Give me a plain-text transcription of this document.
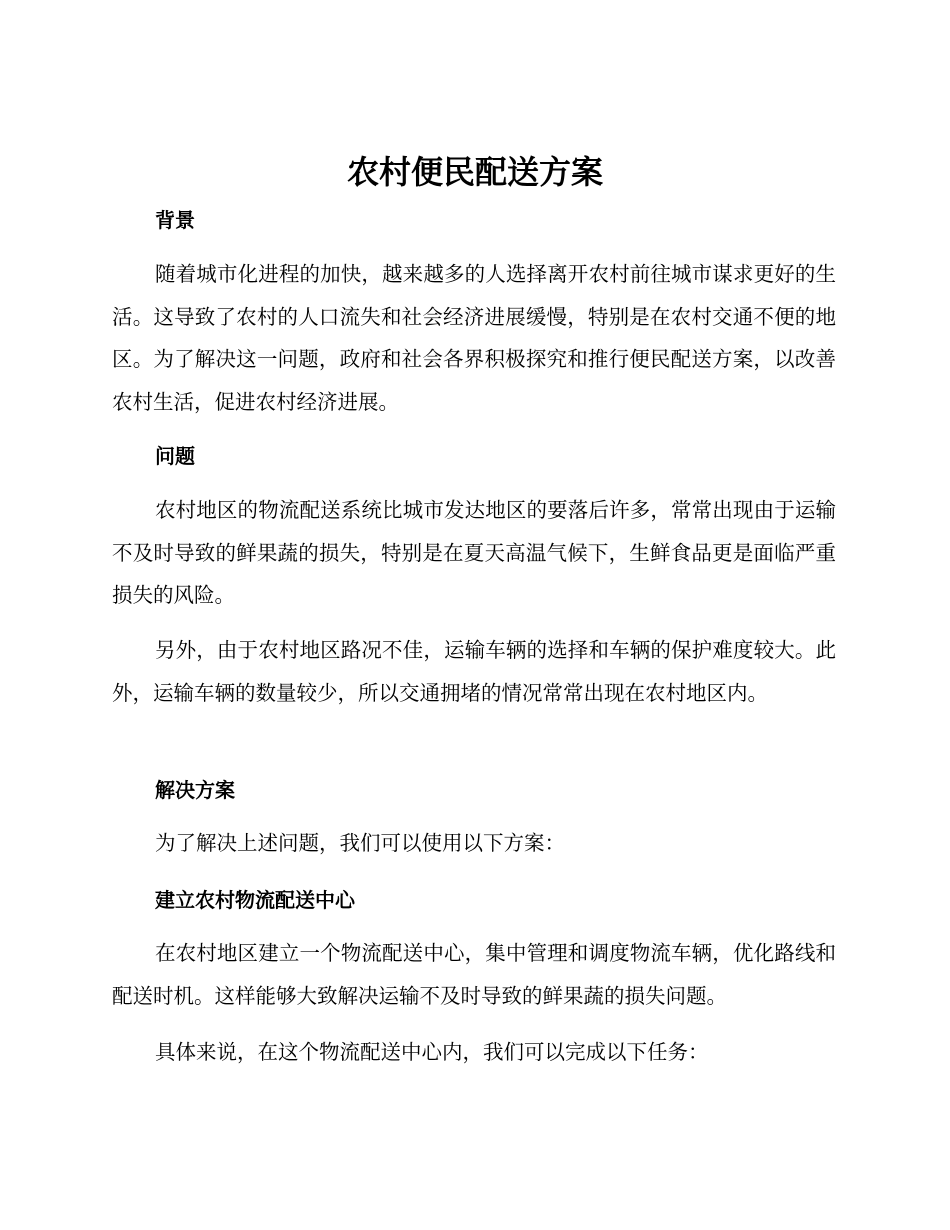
农村便民配送方案
背景
随着城市化进程的加快，越来越多的人选择离开农村前往城市谋求更好的生活。这导致了农村的人口流失和社会经济进展缓慢，特别是在农村交通不便的地区。为了解决这一问题，政府和社会各界积极探究和推行便民配送方案，以改善农村生活，促进农村经济进展。
问题
农村地区的物流配送系统比城市发达地区的要落后许多，常常出现由于运输不及时导致的鲜果蔬的损失，特别是在夏天高温气候下，生鲜食品更是面临严重损失的风险。
另外，由于农村地区路况不佳，运输车辆的选择和车辆的保护难度较大。此外，运输车辆的数量较少，所以交通拥堵的情况常常出现在农村地区内。
解决方案
为了解决上述问题，我们可以使用以下方案：
建立农村物流配送中心
在农村地区建立一个物流配送中心，集中管理和调度物流车辆，优化路线和配送时机。这样能够大致解决运输不及时导致的鲜果蔬的损失问题。
具体来说，在这个物流配送中心内，我们可以完成以下任务：
